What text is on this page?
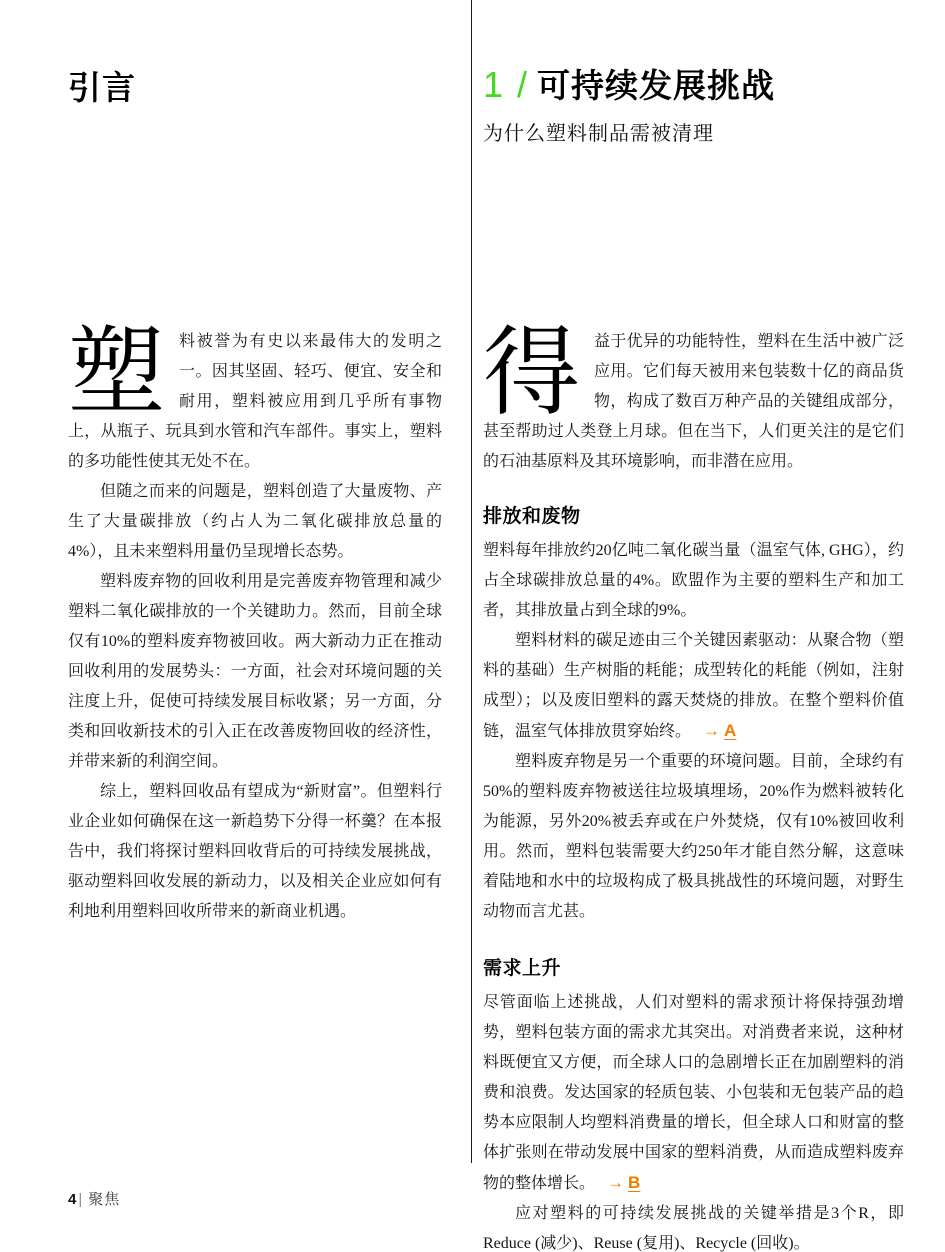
引言	1 / 可持续发展挑战
为什么塑料制品需被清理

塑料被誉为有史以来最伟大的发明之一。因其坚固、轻巧、便宜、安全和耐用，塑料被应用到几乎所有事物上，从瓶子、玩具到水管和汽车部件。事实上，塑料的多功能性使其无处不在。

但随之而来的问题是，塑料创造了大量废物、产生了大量碳排放（约占人为二氧化碳排放总量的4%），且未来塑料用量仍呈现增长态势。

塑料废弃物的回收利用是完善废弃物管理和减少塑料二氧化碳排放的一个关键助力。然而，目前全球仅有10%的塑料废弃物被回收。两大新动力正在推动回收利用的发展势头：一方面，社会对环境问题的关注度上升，促使可持续发展目标收紧；另一方面，分类和回收新技术的引入正在改善废物回收的经济性，并带来新的利润空间。

综上，塑料回收品有望成为“新财富”。但塑料行业企业如何确保在这一新趋势下分得一杯羹？在本报告中，我们将探讨塑料回收背后的可持续发展挑战，驱动塑料回收发展的新动力，以及相关企业应如何有利地利用塑料回收所带来的新商业机遇。

得益于优异的功能特性，塑料在生活中被广泛应用。它们每天被用来包装数十亿的商品货物，构成了数百万种产品的关键组成部分，甚至帮助过人类登上月球。但在当下，人们更关注的是它们的石油基原料及其环境影响，而非潜在应用。

排放和废物

塑料每年排放约20亿吨二氧化碳当量（温室气体, GHG），约占全球碳排放总量的4%。欧盟作为主要的塑料生产和加工者，其排放量占到全球的9%。

塑料材料的碳足迹由三个关键因素驱动：从聚合物（塑料的基础）生产树脂的耗能；成型转化的耗能（例如，注射成型）；以及废旧塑料的露天焚烧的排放。在整个塑料价值链，温室气体排放贯穿始终。 → A

塑料废弃物是另一个重要的环境问题。目前，全球约有50%的塑料废弃物被送往垃圾填埋场，20%作为燃料被转化为能源，另外20%被丢弃或在户外焚烧，仅有10%被回收利用。然而，塑料包装需要大约250年才能自然分解，这意味着陆地和水中的垃圾构成了极具挑战性的环境问题，对野生动物而言尤甚。

需求上升

尽管面临上述挑战，人们对塑料的需求预计将保持强劲增势，塑料包装方面的需求尤其突出。对消费者来说，这种材料既便宜又方便，而全球人口的急剧增长正在加剧塑料的消费和浪费。发达国家的轻质包装、小包装和无包装产品的趋势本应限制人均塑料消费量的增长，但全球人口和财富的整体扩张则在带动发展中国家的塑料消费，从而造成塑料废弃物的整体增长。 → B

应对塑料的可持续发展挑战的关键举措是3个R，即Reduce (减少)、Reuse (复用)、Recycle (回收)。

4 | 聚焦
